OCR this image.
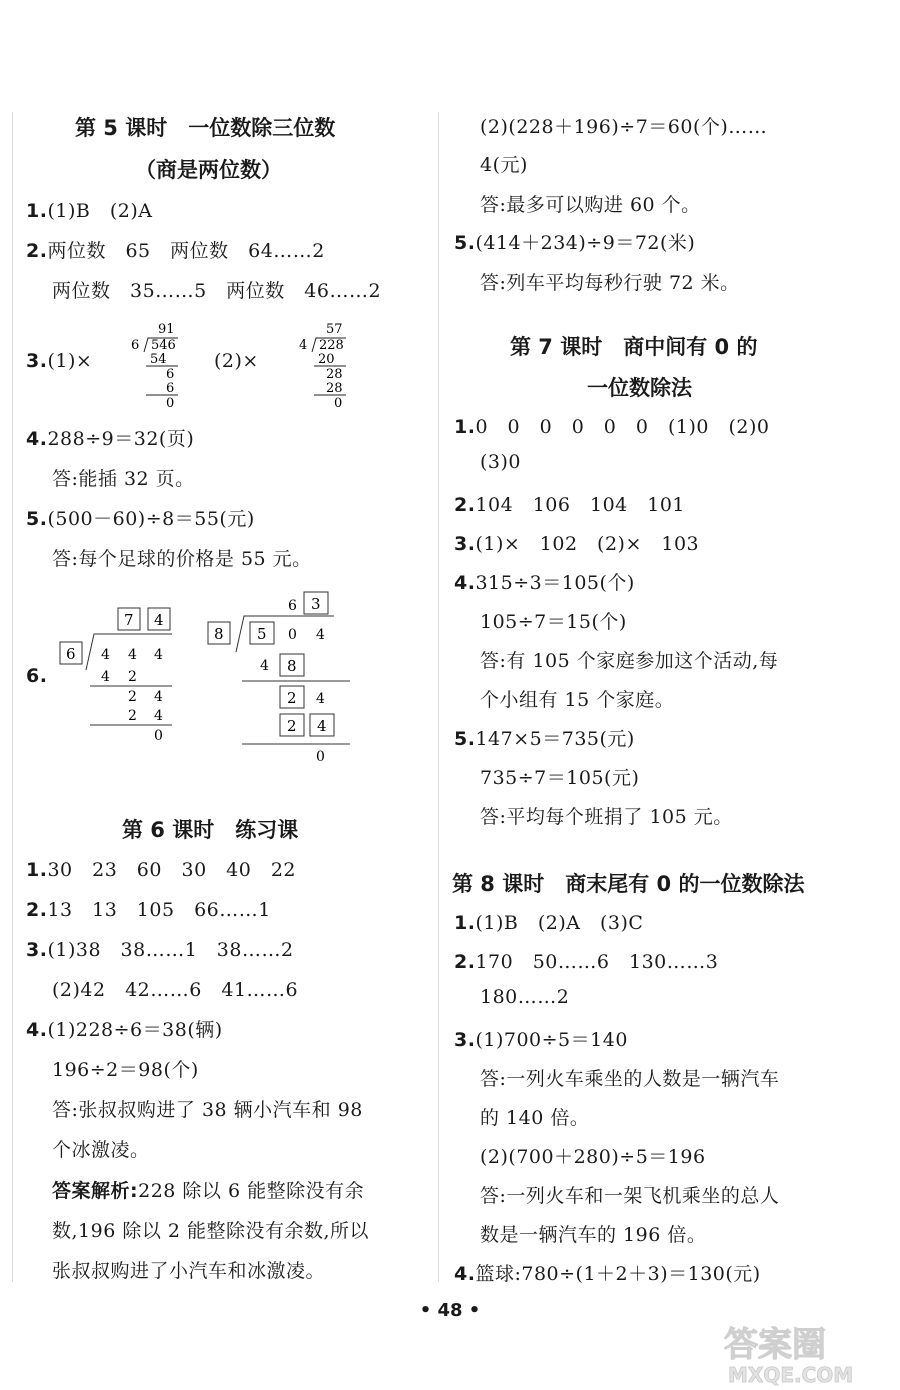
第 5 课时　一位数除三位数
（商是两位数）
1.(1)B　(2)A
2.两位数　65　两位数　64……2
两位数　35……5　两位数　46……2
3.(1)×	(2)×
91
6 546
54
6
6
0
57
4 228
20
28
28
0
4.288÷9＝32(页)
答:能插 32 页。
5.(500－60)÷8＝55(元)
答:每个足球的价格是 55 元。
6.
7 4
6 4 4 4
4 2
2 4
2 4
0
6 3
8 5 0 4
4 8
2 4
2 4
0
第 6 课时　练习课
1.30　23　60　30　40　22
2.13　13　105　66……1
3.(1)38　38……1　38……2
(2)42　42……6　41……6
4.(1)228÷6＝38(辆)
196÷2＝98(个)
答:张叔叔购进了 38 辆小汽车和 98
个冰激凌。
答案解析:228 除以 6 能整除没有余
数,196 除以 2 能整除没有余数,所以
张叔叔购进了小汽车和冰激凌。
(2)(228＋196)÷7＝60(个)……
4(元)
答:最多可以购进 60 个。
5.(414＋234)÷9＝72(米)
答:列车平均每秒行驶 72 米。
第 7 课时　商中间有 0 的
一位数除法
1.0　0　0　0　0　0　(1)0　(2)0
(3)0
2.104　106　104　101
3.(1)×　102　(2)×　103
4.315÷3＝105(个)
105÷7＝15(个)
答:有 105 个家庭参加这个活动,每
个小组有 15 个家庭。
5.147×5＝735(元)
735÷7＝105(元)
答:平均每个班捐了 105 元。
第 8 课时　商末尾有 0 的一位数除法
1.(1)B　(2)A　(3)C
2.170　50……6　130……3
180……2
3.(1)700÷5＝140
答:一列火车乘坐的人数是一辆汽车
的 140 倍。
(2)(700＋280)÷5＝196
答:一列火车和一架飞机乘坐的总人
数是一辆汽车的 196 倍。
4.篮球:780÷(1＋2＋3)＝130(元)
• 48 •
答案圈
MXQE.COM
